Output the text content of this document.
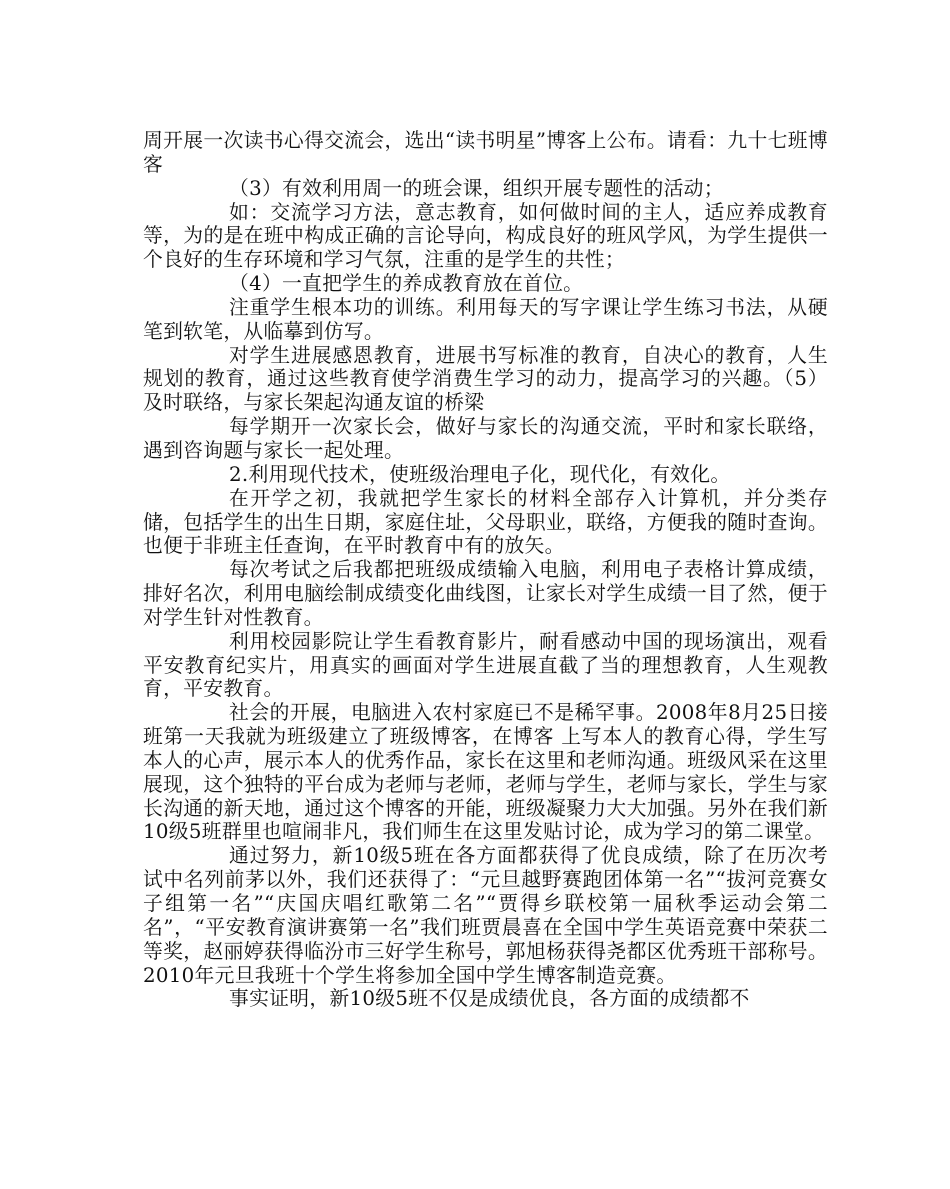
周开展一次读书心得交流会，选出“读书明星”博客上公布。请看：九十七班博客

（3）有效利用周一的班会课，组织开展专题性的活动；

如：交流学习方法，意志教育，如何做时间的主人，适应养成教育等，为的是在班中构成正确的言论导向，构成良好的班风学风，为学生提供一个良好的生存环境和学习气氛，注重的是学生的共性；

（4）一直把学生的养成教育放在首位。

注重学生根本功的训练。利用每天的写字课让学生练习书法，从硬笔到软笔，从临摹到仿写。

对学生进展感恩教育，进展书写标准的教育，自决心的教育，人生规划的教育，通过这些教育使学消费生学习的动力，提高学习的兴趣。（5）及时联络，与家长架起沟通友谊的桥梁

每学期开一次家长会，做好与家长的沟通交流，平时和家长联络，遇到咨询题与家长一起处理。

2.利用现代技术，使班级治理电子化，现代化，有效化。

在开学之初，我就把学生家长的材料全部存入计算机，并分类存储，包括学生的出生日期，家庭住址，父母职业，联络，方便我的随时查询。也便于非班主任查询，在平时教育中有的放矢。

每次考试之后我都把班级成绩输入电脑，利用电子表格计算成绩，排好名次，利用电脑绘制成绩变化曲线图，让家长对学生成绩一目了然，便于对学生针对性教育。

利用校园影院让学生看教育影片，耐看感动中国的现场演出，观看平安教育纪实片，用真实的画面对学生进展直截了当的理想教育，人生观教育，平安教育。

社会的开展，电脑进入农村家庭已不是稀罕事。2008年8月25日接班第一天我就为班级建立了班级博客，在博客 上写本人的教育心得，学生写本人的心声，展示本人的优秀作品，家长在这里和老师沟通。班级风采在这里展现，这个独特的平台成为老师与老师，老师与学生，老师与家长，学生与家长沟通的新天地，通过这个博客的开能，班级凝聚力大大加强。另外在我们新10级5班群里也喧闹非凡，我们师生在这里发贴讨论，成为学习的第二课堂。

通过努力，新10级5班在各方面都获得了优良成绩，除了在历次考试中名列前茅以外，我们还获得了：“元旦越野赛跑团体第一名”“拔河竞赛女子组第一名”“庆国庆唱红歌第二名”“贾得乡联校第一届秋季运动会第二名”，“平安教育演讲赛第一名”我们班贾晨喜在全国中学生英语竞赛中荣获二等奖，赵丽婷获得临汾市三好学生称号，郭旭杨获得尧都区优秀班干部称号。2010年元旦我班十个学生将参加全国中学生博客制造竞赛。

事实证明，新10级5班不仅是成绩优良，各方面的成绩都不
